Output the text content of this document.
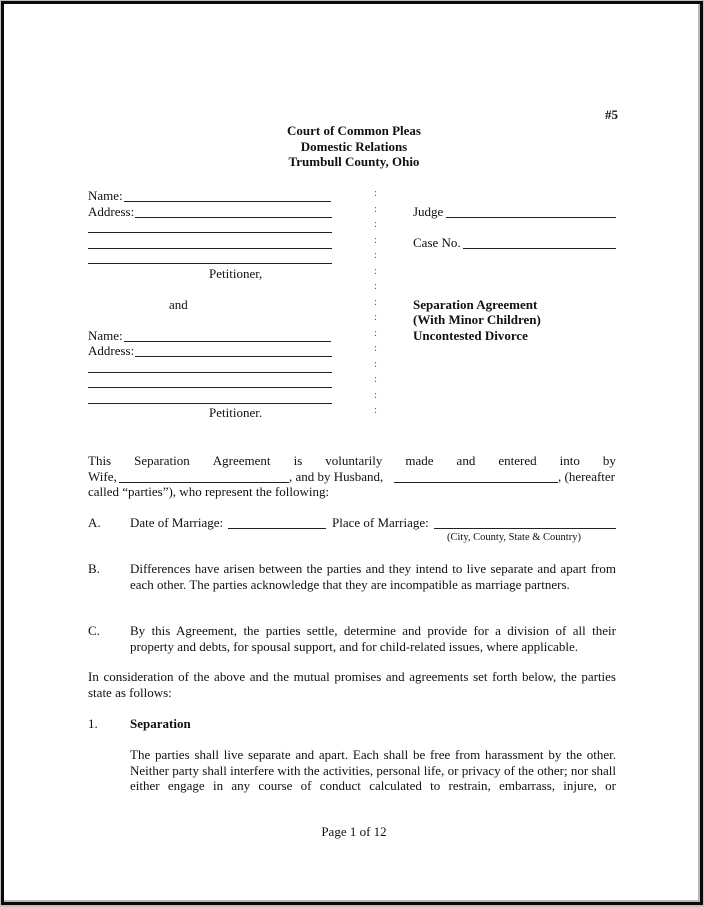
#5
Court of Common Pleas
Domestic Relations
Trumbull County, Ohio
Name:
Address:
Petitioner,
and
Name:
Address:
Petitioner.
:
:
:
:
:
:
:
:
:
:
:
:
:
:
:
Judge
Case No.
Separation Agreement
(With Minor Children)
Uncontested Divorce
This Separation Agreement is voluntarily made and entered into by
Wife,	, and by Husband,	, (hereafter
called “parties”), who represent the following:
A. Date of Marriage:	Place of Marriage:
(City, County, State & Country)
B. Differences have arisen between the parties and they intend to live separate and apart from each other. The parties acknowledge that they are incompatible as marriage partners.
C. By this Agreement, the parties settle, determine and provide for a division of all their property and debts, for spousal support, and for child-related issues, where applicable.
In consideration of the above and the mutual promises and agreements set forth below, the parties state as follows:
1. Separation
The parties shall live separate and apart. Each shall be free from harassment by the other. Neither party shall interfere with the activities, personal life, or privacy of the other; nor shall either engage in any course of conduct calculated to restrain, embarrass, injure, or
Page 1 of 12
